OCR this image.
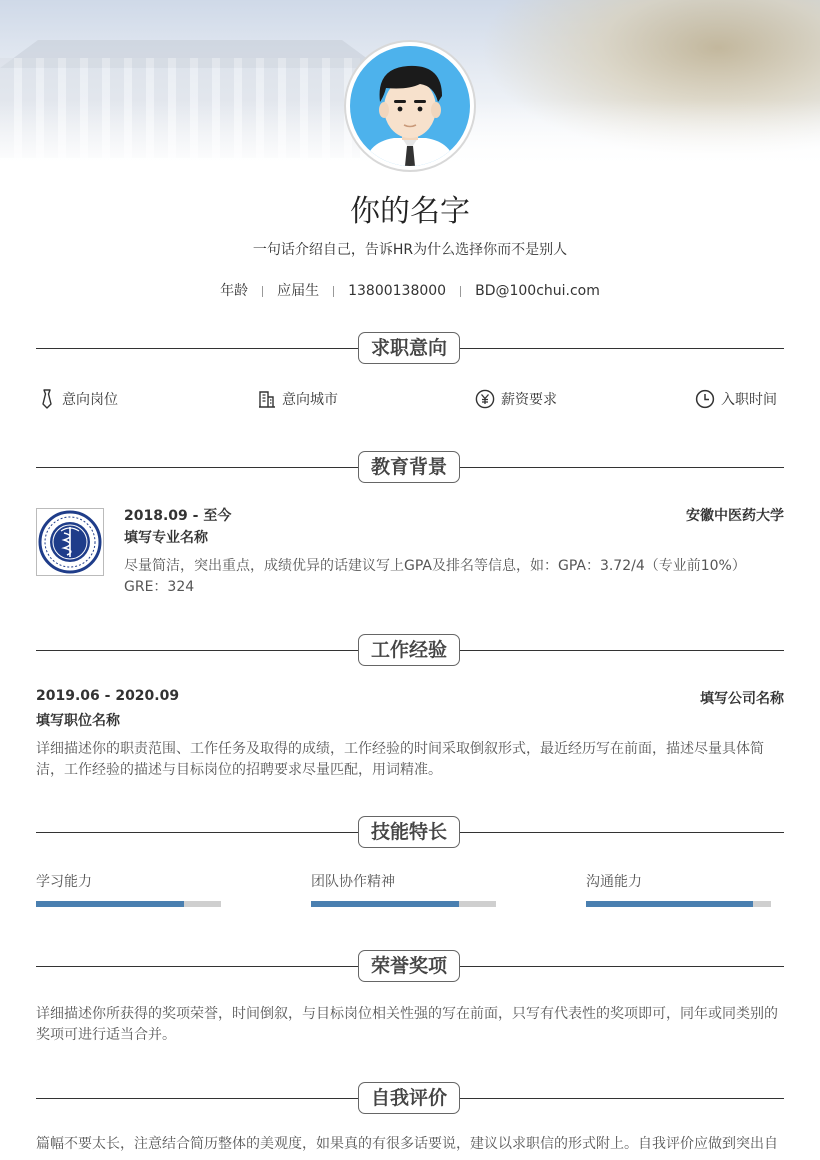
你的名字
一句话介绍自己，告诉HR为什么选择你而不是别人
年龄 应届生 13800138000 BD@100chui.com
求职意向
意向岗位	意向城市	薪资要求	入职时间
教育背景
2018.09 - 至今	安徽中医药大学
填写专业名称
尽量简洁，突出重点，成绩优异的话建议写上GPA及排名等信息，如：GPA：3.72/4（专业前10%） GRE：324
工作经验
2019.06 - 2020.09	填写公司名称
填写职位名称
详细描述你的职责范围、工作任务及取得的成绩，工作经验的时间采取倒叙形式，最近经历写在前面，描述尽量具体简洁，工作经验的描述与目标岗位的招聘要求尽量匹配，用词精准。
技能特长
学习能力	团队协作精神	沟通能力
荣誉奖项
详细描述你所获得的奖项荣誉，时间倒叙，与目标岗位相关性强的写在前面，只写有代表性的奖项即可，同年或同类别的奖项可进行适当合并。
自我评价
篇幅不要太长，注意结合简历整体的美观度，如果真的有很多话要说，建议以求职信的形式附上。自我评价应做到突出自
